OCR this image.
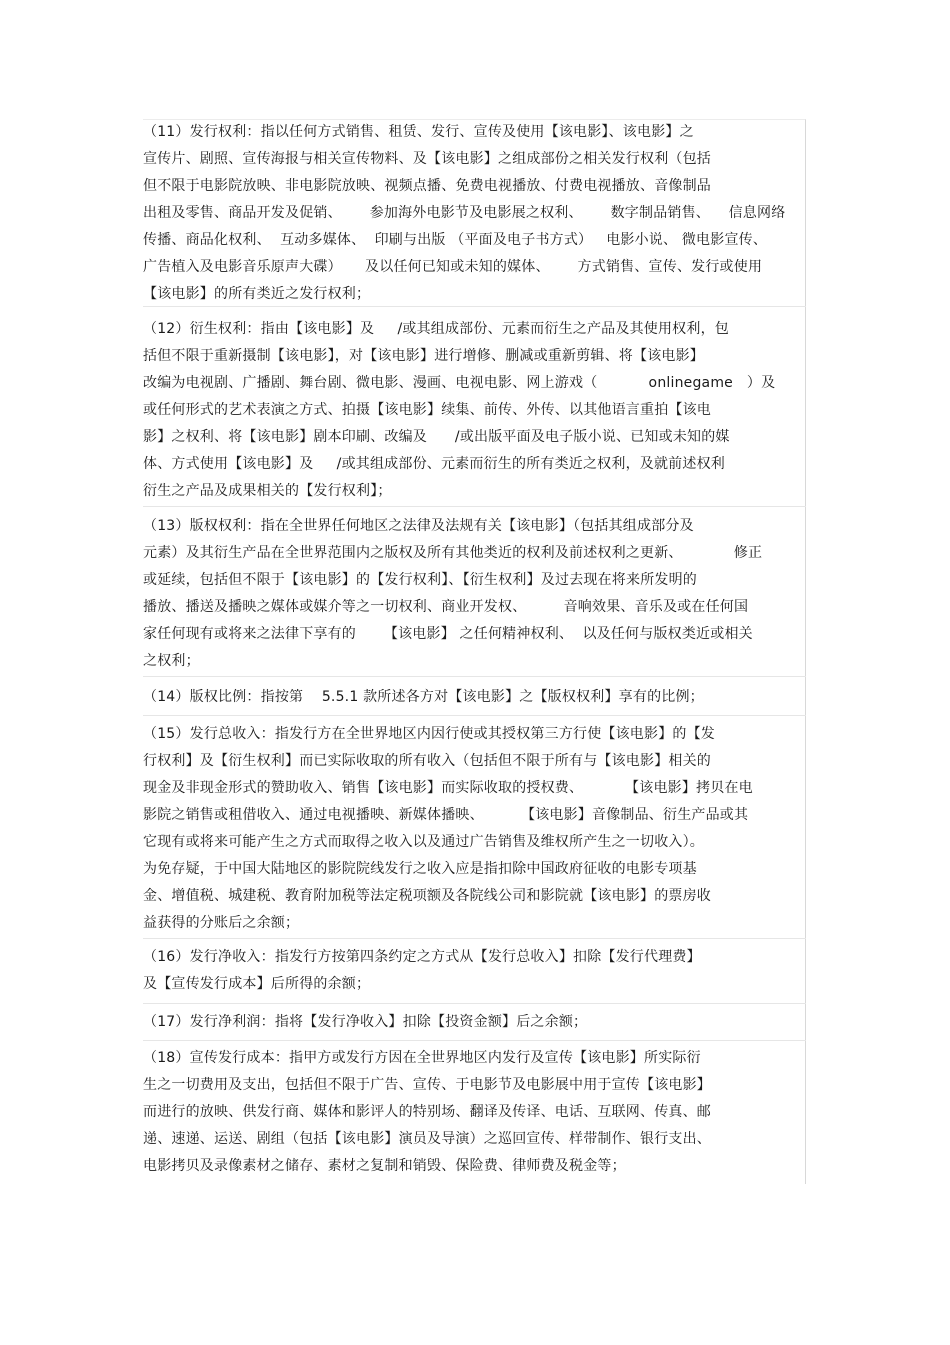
（11）发行权利：指以任何方式销售、租赁、发行、宣传及使用【该电影】、该电影】之
宣传片、剧照、宣传海报与相关宣传物料、及【该电影】之组成部份之相关发行权利（包括
但不限于电影院放映、非电影院放映、视频点播、免费电视播放、付费电视播放、音像制品
出租及零售、商品开发及促销、      参加海外电影节及电影展之权利、      数字制品销售、    信息网络
传播、商品化权利、  互动多媒体、  印刷与出版 （平面及电子书方式）   电影小说、 微电影宣传、
广告植入及电影音乐原声大碟）     及以任何已知或未知的媒体、      方式销售、宣传、发行或使用
【该电影】的所有类近之发行权利；
（12）衍生权利：指由【该电影】及     /或其组成部份、元素而衍生之产品及其使用权利，包
括但不限于重新摄制【该电影】，对【该电影】进行增修、删减或重新剪辑、将【该电影】
改编为电视剧、广播剧、舞台剧、微电影、漫画、电视电影、网上游戏（           onlinegame   ）及
或任何形式的艺术表演之方式、拍摄【该电影】续集、前传、外传、以其他语言重拍【该电
影】之权利、将【该电影】剧本印刷、改编及      /或出版平面及电子版小说、已知或未知的媒
体、方式使用【该电影】及     /或其组成部份、元素而衍生的所有类近之权利，及就前述权利
衍生之产品及成果相关的【发行权利】；
（13）版权权利：指在全世界任何地区之法律及法规有关【该电影】（包括其组成部分及
元素）及其衍生产品在全世界范围内之版权及所有其他类近的权利及前述权利之更新、           修正
或延续，包括但不限于【该电影】的【发行权利】、【衍生权利】及过去现在将来所发明的
播放、播送及播映之媒体或媒介等之一切权利、商业开发权、        音响效果、音乐及或在任何国
家任何现有或将来之法律下享有的      【该电影】 之任何精神权利、  以及任何与版权类近或相关
之权利；
（14）版权比例：指按第    5.5.1 款所述各方对【该电影】之【版权权利】享有的比例；
（15）发行总收入：指发行方在全世界地区内因行使或其授权第三方行使【该电影】的【发
行权利】及【衍生权利】而已实际收取的所有收入（包括但不限于所有与【该电影】相关的
现金及非现金形式的赞助收入、销售【该电影】而实际收取的授权费、         【该电影】拷贝在电
影院之销售或租借收入、通过电视播映、新媒体播映、        【该电影】音像制品、衍生产品或其
它现有或将来可能产生之方式而取得之收入以及通过广告销售及维权所产生之一切收入）。
为免存疑，于中国大陆地区的影院院线发行之收入应是指扣除中国政府征收的电影专项基
金、增值税、城建税、教育附加税等法定税项额及各院线公司和影院就【该电影】的票房收
益获得的分账后之余额；
（16）发行净收入：指发行方按第四条约定之方式从【发行总收入】扣除【发行代理费】
及【宣传发行成本】后所得的余额；
（17）发行净利润：指将【发行净收入】扣除【投资金额】后之余额；
（18）宣传发行成本：指甲方或发行方因在全世界地区内发行及宣传【该电影】所实际衍
生之一切费用及支出，包括但不限于广告、宣传、于电影节及电影展中用于宣传【该电影】
而进行的放映、供发行商、媒体和影评人的特别场、翻译及传译、电话、互联网、传真、邮
递、速递、运送、剧组（包括【该电影】演员及导演）之巡回宣传、样带制作、银行支出、
电影拷贝及录像素材之储存、素材之复制和销毁、保险费、律师费及税金等；
